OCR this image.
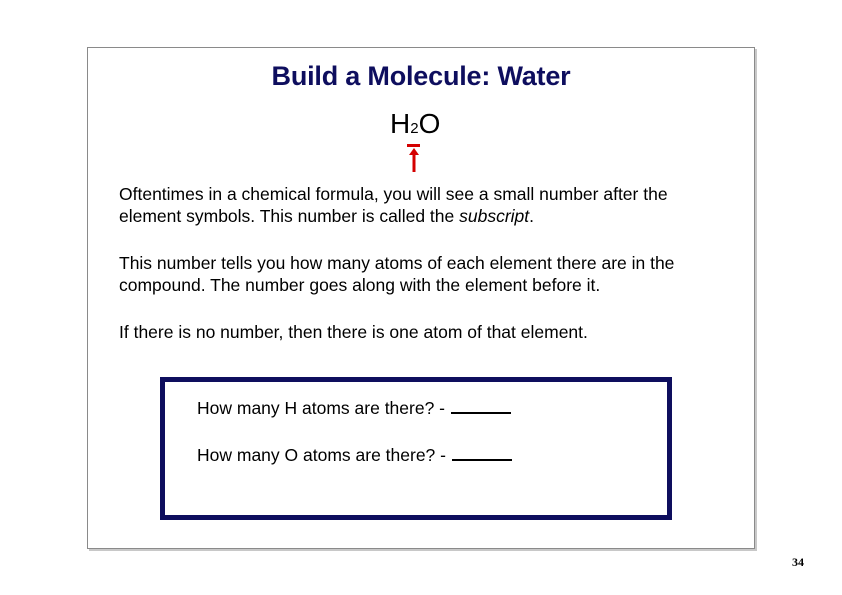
Build a Molecule: Water
H2O

Oftentimes in a chemical formula, you will see a small number after the
element symbols. This number is called the subscript.

This number tells you how many atoms of each element there are in the
compound. The number goes along with the element before it.

If there is no number, then there is one atom of that element.

How many H atoms are there? -
How many O atoms are there? -
34
